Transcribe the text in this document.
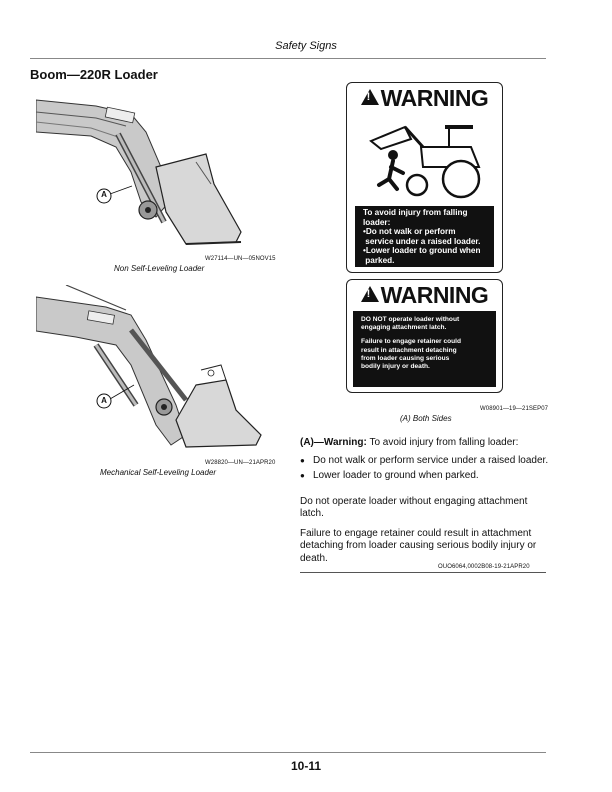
Safety Signs
Boom—220R Loader
A
W27114—UN—05NOV15
Non Self-Leveling Loader
A
W28820—UN—21APR20
Mechanical Self-Leveling Loader
!WARNING
To avoid injury from falling
loader:
•Do not walk or perform
service under a raised loader.
•Lower loader to ground when
parked.
!WARNING
DO NOT operate loader without
engaging attachment latch.
Failure to engage retainer could
result in attachment detaching
from loader causing serious
bodily injury or death.
W08901—19—21SEP07
(A) Both Sides
(A)—Warning: To avoid injury from falling loader:
● Do not walk or perform service under a raised loader.
● Lower loader to ground when parked.
Do not operate loader without engaging attachment latch.
Failure to engage retainer could result in attachment detaching from loader causing serious bodily injury or death.
OUO6064,0002B08-19-21APR20
10-11
